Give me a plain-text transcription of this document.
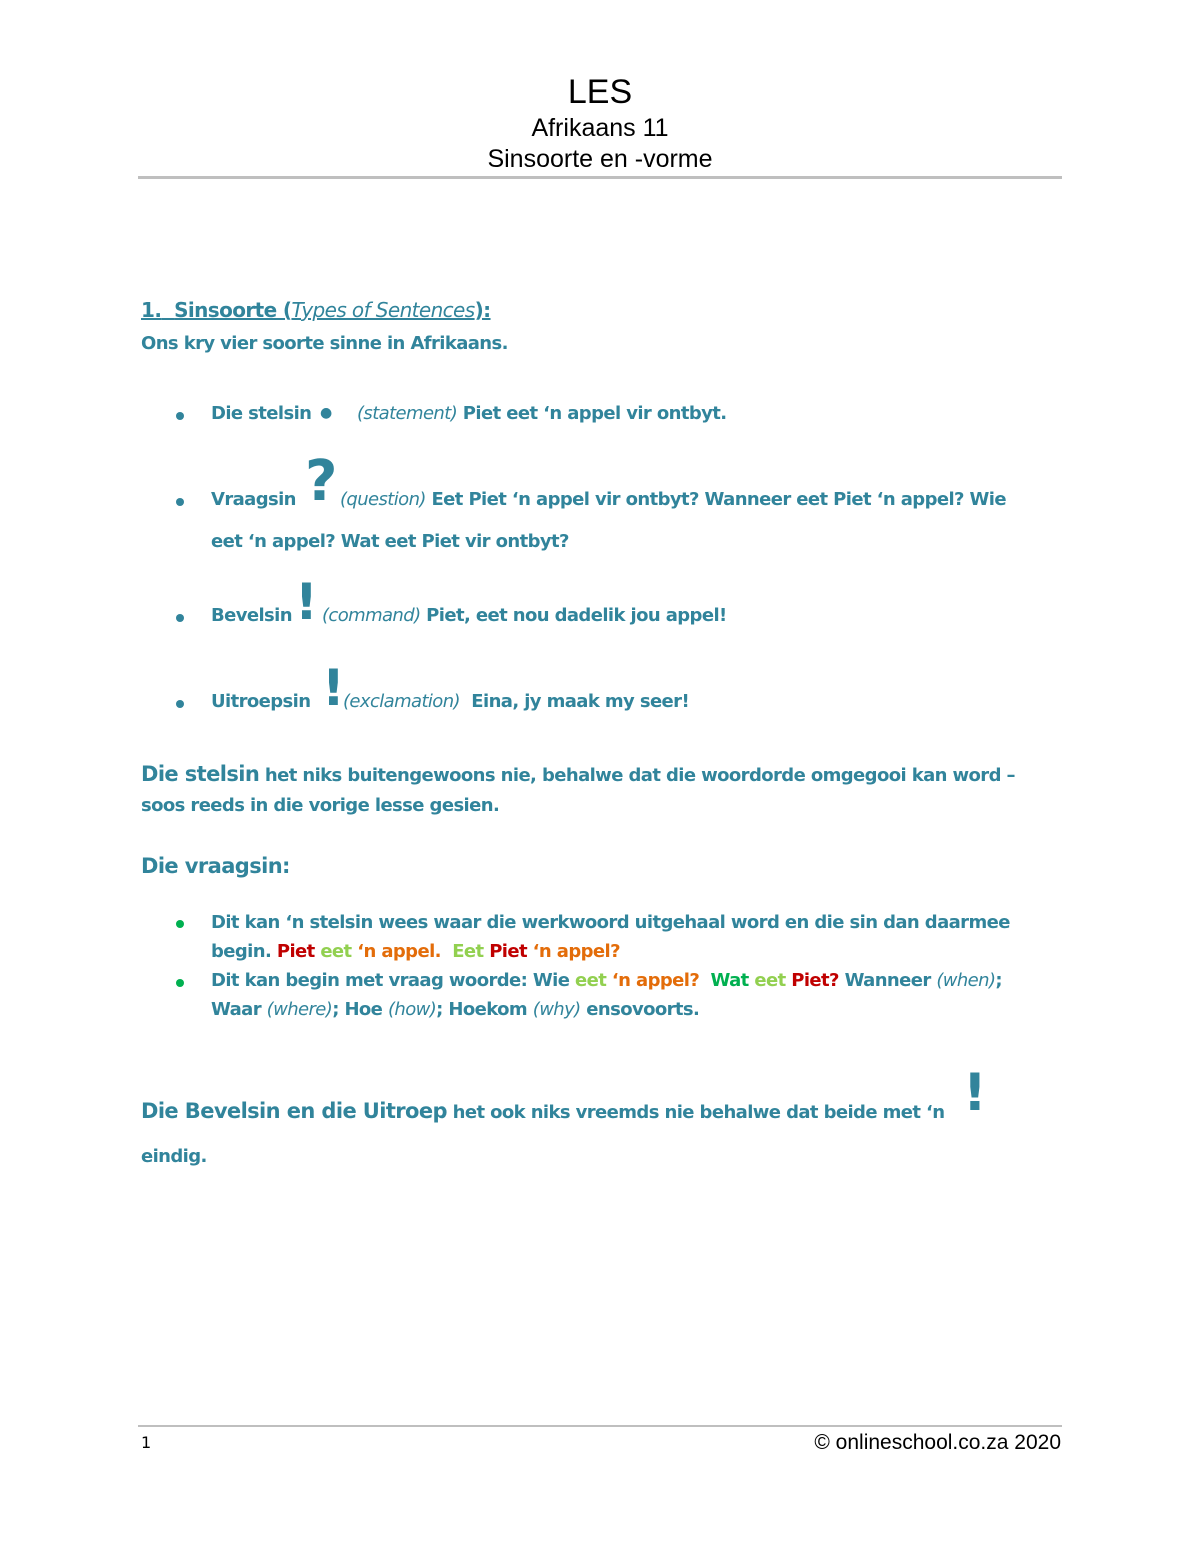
LES
Afrikaans 11
Sinsoorte en -vorme
1. Sinsoorte (Types of Sentences):
Ons kry vier soorte sinne in Afrikaans.
Die stelsin ● (statement) Piet eet ‘n appel vir ontbyt.
Vraagsin ? (question) Eet Piet ‘n appel vir ontbyt? Wanneer eet Piet ‘n appel? Wie
eet ‘n appel? Wat eet Piet vir ontbyt?
Bevelsin ! (command) Piet, eet nou dadelik jou appel!
Uitroepsin !
(exclamation) Eina, jy maak my seer!
Die stelsin het niks buitengewoons nie, behalwe dat die woordorde omgegooi kan word –
soos reeds in die vorige lesse gesien.
Die vraagsin:
Dit kan ‘n stelsin wees waar die werkwoord uitgehaal word en die sin dan daarmee
begin. Piet eet ‘n appel. Eet Piet ‘n appel?
Dit kan begin met vraag woorde: Wie eet ‘n appel? Wat eet Piet? Wanneer (when);
Waar (where); Hoe (how); Hoekom (why) ensovoorts.
Die Bevelsin en die Uitroep het ook niks vreemds nie behalwe dat beide met ‘n !
eindig.
1	© onlineschool.co.za 2020
